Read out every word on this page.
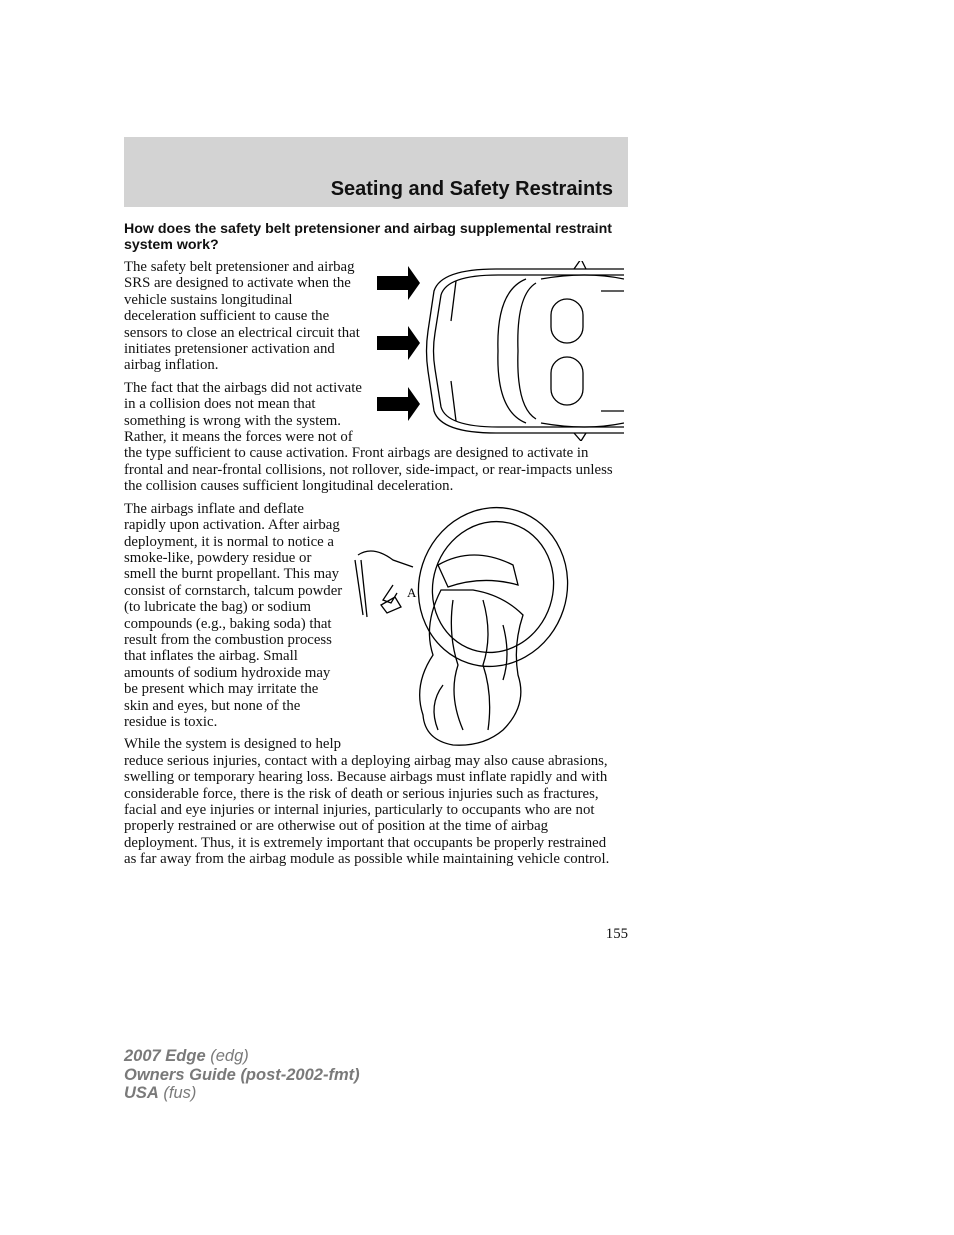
Seating and Safety Restraints
How does the safety belt pretensioner and airbag supplemental restraint system work?

The safety belt pretensioner and airbag SRS are designed to activate when the vehicle sustains longitudinal deceleration sufficient to cause the sensors to close an electrical circuit that initiates pretensioner activation and airbag inflation.

The fact that the airbags did not activate in a collision does not mean that something is wrong with the system. Rather, it means the forces were not of the type sufficient to cause activation. Front airbags are designed to activate in frontal and near-frontal collisions, not rollover, side-impact, or rear-impacts unless the collision causes sufficient longitudinal deceleration.

A

The airbags inflate and deflate rapidly upon activation. After airbag deployment, it is normal to notice a smoke-like, powdery residue or smell the burnt propellant. This may consist of cornstarch, talcum powder (to lubricate the bag) or sodium compounds (e.g., baking soda) that result from the combustion process that inflates the airbag. Small amounts of sodium hydroxide may be present which may irritate the skin and eyes, but none of the residue is toxic.

While the system is designed to help reduce serious injuries, contact with a deploying airbag may also cause abrasions, swelling or temporary hearing loss. Because airbags must inflate rapidly and with considerable force, there is the risk of death or serious injuries such as fractures, facial and eye injuries or internal injuries, particularly to occupants who are not properly restrained or are otherwise out of position at the time of airbag deployment. Thus, it is extremely important that occupants be properly restrained as far away from the airbag module as possible while maintaining vehicle control.

155
2007 Edge (edg)
Owners Guide (post-2002-fmt)
USA (fus)
